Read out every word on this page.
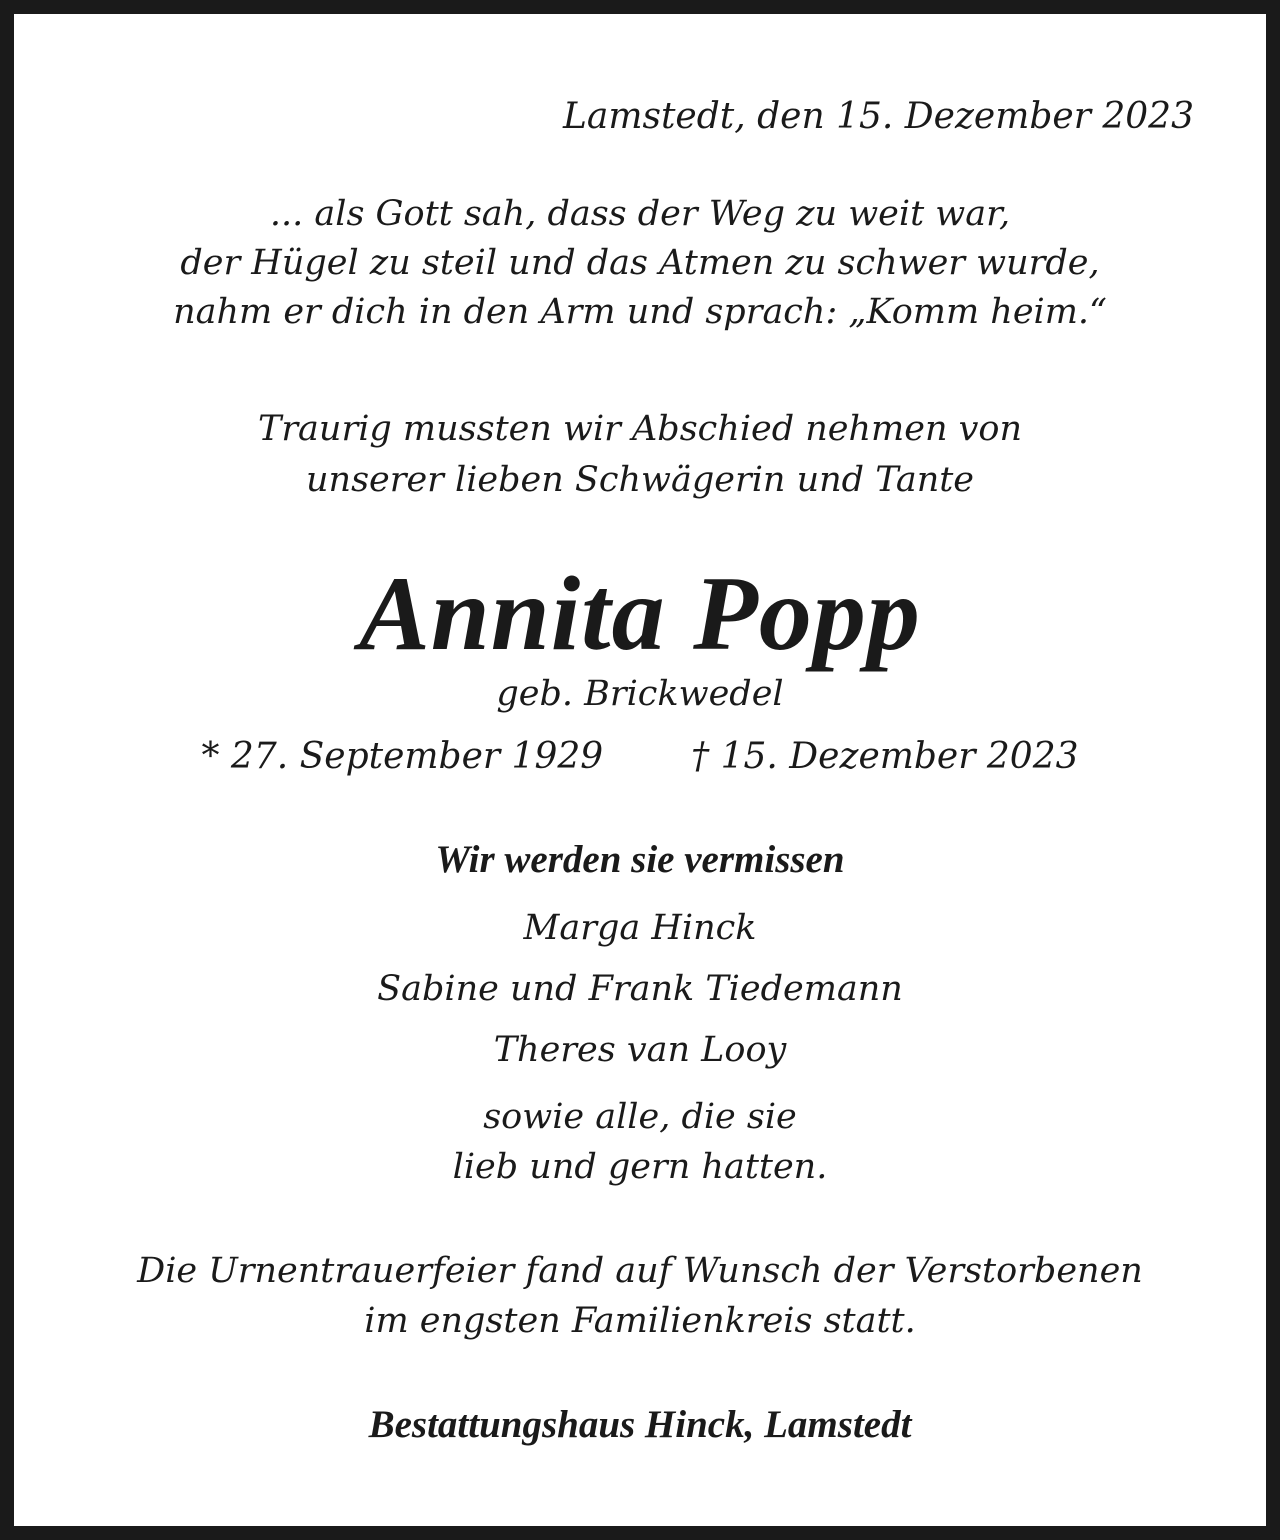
Lamstedt, den 15. Dezember 2023
... als Gott sah, dass der Weg zu weit war,
der Hügel zu steil und das Atmen zu schwer wurde,
nahm er dich in den Arm und sprach: „Komm heim.“
Traurig mussten wir Abschied nehmen von
unserer lieben Schwägerin und Tante
Annita Popp
geb. Brickwedel
* 27. September 1929 † 15. Dezember 2023
Wir werden sie vermissen
Marga Hinck
Sabine und Frank Tiedemann
Theres van Looy
sowie alle, die sie
lieb und gern hatten.
Die Urnentrauerfeier fand auf Wunsch der Verstorbenen
im engsten Familienkreis statt.
Bestattungshaus Hinck, Lamstedt
